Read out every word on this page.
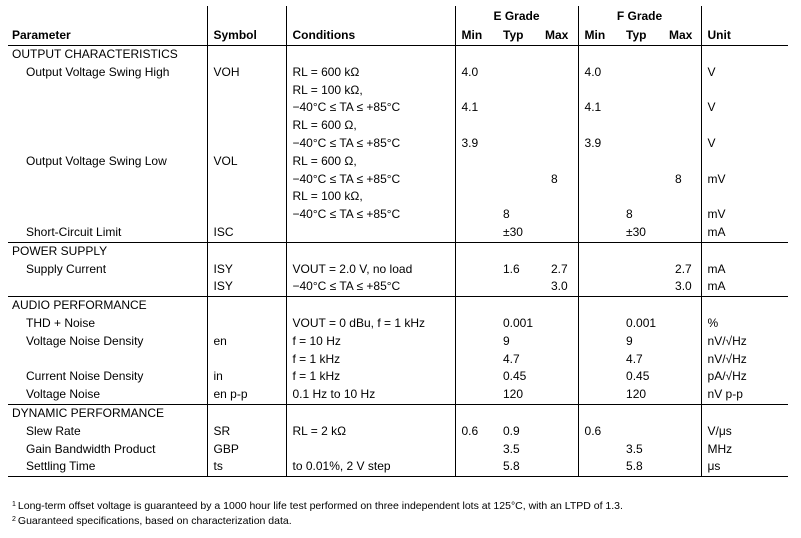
			E Grade			F Grade			
Parameter	Symbol	Conditions	Min	Typ	Max	Min	Typ	Max	Unit
OUTPUT CHARACTERISTICS									
Output Voltage Swing High	VOH	RL = 600 kΩ	4.0			4.0			V
		RL = 100 kΩ,							
		−40°C ≤ TA ≤ +85°C	4.1			4.1			V
		RL = 600 Ω,							
		−40°C ≤ TA ≤ +85°C	3.9			3.9			V
Output Voltage Swing Low	VOL	RL = 600 Ω,							
		−40°C ≤ TA ≤ +85°C			8			8	mV
		RL = 100 kΩ,							
		−40°C ≤ TA ≤ +85°C		8			8		mV
Short-Circuit Limit	ISC			±30			±30		mA
POWER SUPPLY									
Supply Current	ISY	VOUT = 2.0 V, no load		1.6	2.7			2.7	mA
	ISY	−40°C ≤ TA ≤ +85°C			3.0			3.0	mA
AUDIO PERFORMANCE									
THD + Noise		VOUT = 0 dBu, f = 1 kHz		0.001			0.001		%
Voltage Noise Density	en	f = 10 Hz		9			9		nV/√Hz
		f = 1 kHz		4.7			4.7		nV/√Hz
Current Noise Density	in	f = 1 kHz		0.45			0.45		pA/√Hz
Voltage Noise	en p-p	0.1 Hz to 10 Hz		120			120		nV p-p
DYNAMIC PERFORMANCE									
Slew Rate	SR	RL = 2 kΩ	0.6	0.9		0.6			V/μs
Gain Bandwidth Product	GBP			3.5			3.5		MHz
Settling Time	ts	to 0.01%, 2 V step		5.8			5.8		μs
$^1$ Long-term offset voltage is guaranteed by a 1000 hour life test performed on three independent lots at 125°C, with an LTPD of 1.3.
$^2$ Guaranteed specifications, based on characterization data.
